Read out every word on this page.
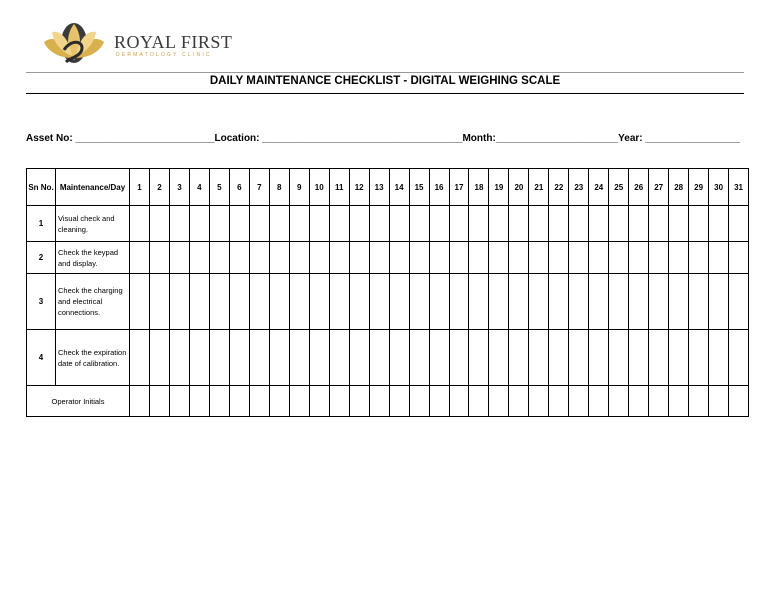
ROYAL FIRST
DERMATOLOGY CLINIC
DAILY MAINTENANCE CHECKLIST - DIGITAL WEIGHING SCALE
Asset No: _________________________Location: ____________________________________Month:______________________Year: _________________
Sn No.	Maintenance/Day	1	2	3	4	5	6	7	8	9	10	11	12	13	14	15	16	17	18	19	20	21	22	23	24	25	26	27	28	29	30	31
1	Visual check and cleaning.																															
2	Check the keypad and display.																															
3	Check the charging and electrical connections.																															
4	Check the expiration date of calibration.																															
Operator Initials																																
